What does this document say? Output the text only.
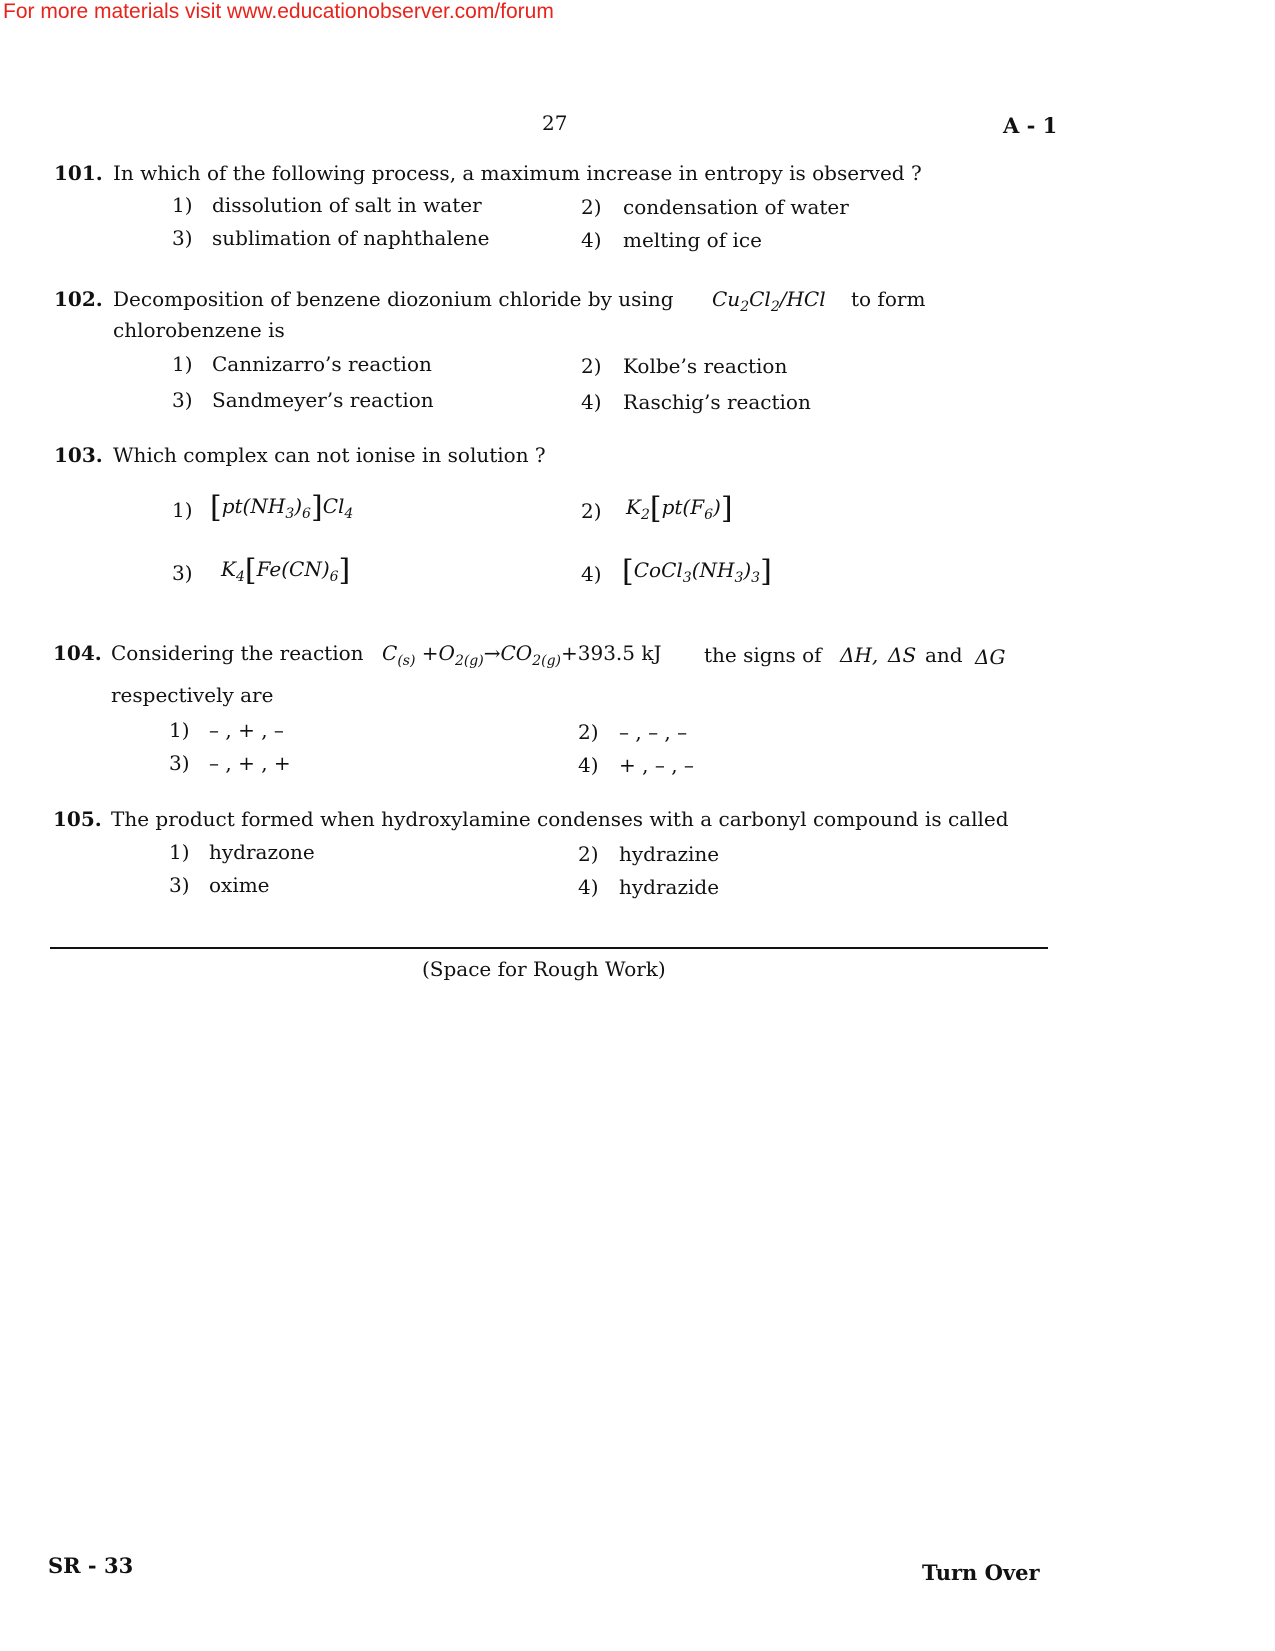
For more materials visit www.educationobserver.com/forum
27	A - 1
101. In which of the following process, a maximum increase in entropy is observed ?
1) dissolution of salt in water	2) condensation of water
3) sublimation of naphthalene	4) melting of ice
102. Decomposition of benzene diozonium chloride by using $Cu_2Cl_2$/HCl to form
chlorobenzene is
1) Cannizarro’s reaction	2) Kolbe’s reaction
3) Sandmeyer’s reaction	4) Raschig’s reaction
103. Which complex can not ionise in solution ?
1) $[pt(NH_3)_6]Cl_4$	2) $K_2[pt(F_6)]$
3) $K_4[Fe(CN)_6]$	4) $[CoCl_3(NH_3)_3]$
104. Considering the reaction $C_{(s)} +O_{2(g)}\to CO_{2(g)}+393.5$ kJ the signs of ΔH, ΔS and ΔG
respectively are
1) – , + , –	2) – , – , –
3) – , + , +	4) + , – , –
105. The product formed when hydroxylamine condenses with a carbonyl compound is called
1) hydrazone	2) hydrazine
3) oxime	4) hydrazide
(Space for Rough Work)
SR - 33	Turn Over
